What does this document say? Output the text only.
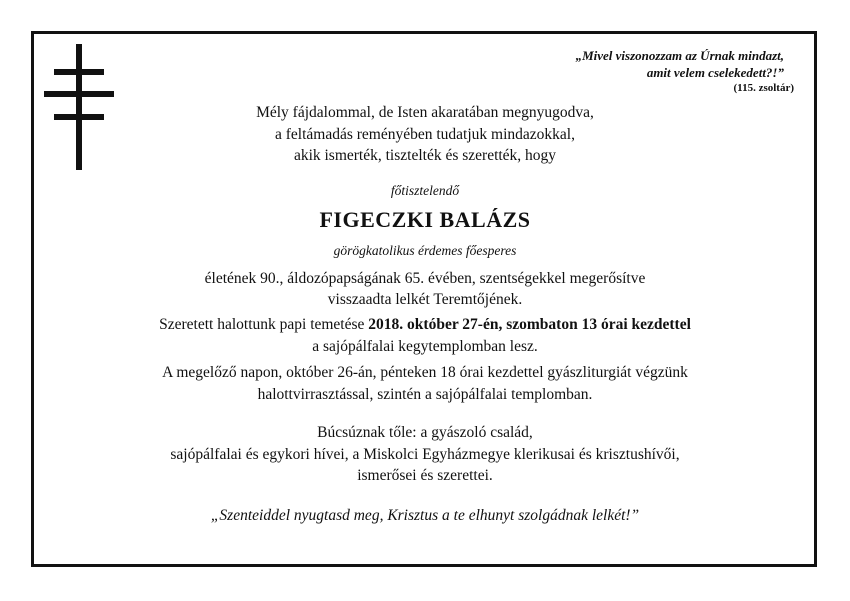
„Mivel viszonozzam az Úrnak mindazt,
amit velem cselekedett?!”
(115. zsoltár)
Mély fájdalommal, de Isten akaratában megnyugodva,
a feltámadás reményében tudatjuk mindazokkal,
akik ismerték, tisztelték és szerették, hogy
főtisztelendő
FIGECZKI BALÁZS
görögkatolikus érdemes főesperes
életének 90., áldozópapságának 65. évében, szentségekkel megerősítve
visszaadta lelkét Teremtőjének.
Szeretett halottunk papi temetése 2018. október 27-én, szombaton 13 órai kezdettel
a sajópálfalai kegytemplomban lesz.
A megelőző napon, október 26-án, pénteken 18 órai kezdettel gyászliturgiát végzünk
halottvirrasztással, szintén a sajópálfalai templomban.
Búcsúznak tőle: a gyászoló család,
sajópálfalai és egykori hívei, a Miskolci Egyházmegye klerikusai és krisztushívői,
ismerősei és szerettei.
„Szenteiddel nyugtasd meg, Krisztus a te elhunyt szolgádnak lelkét!”
